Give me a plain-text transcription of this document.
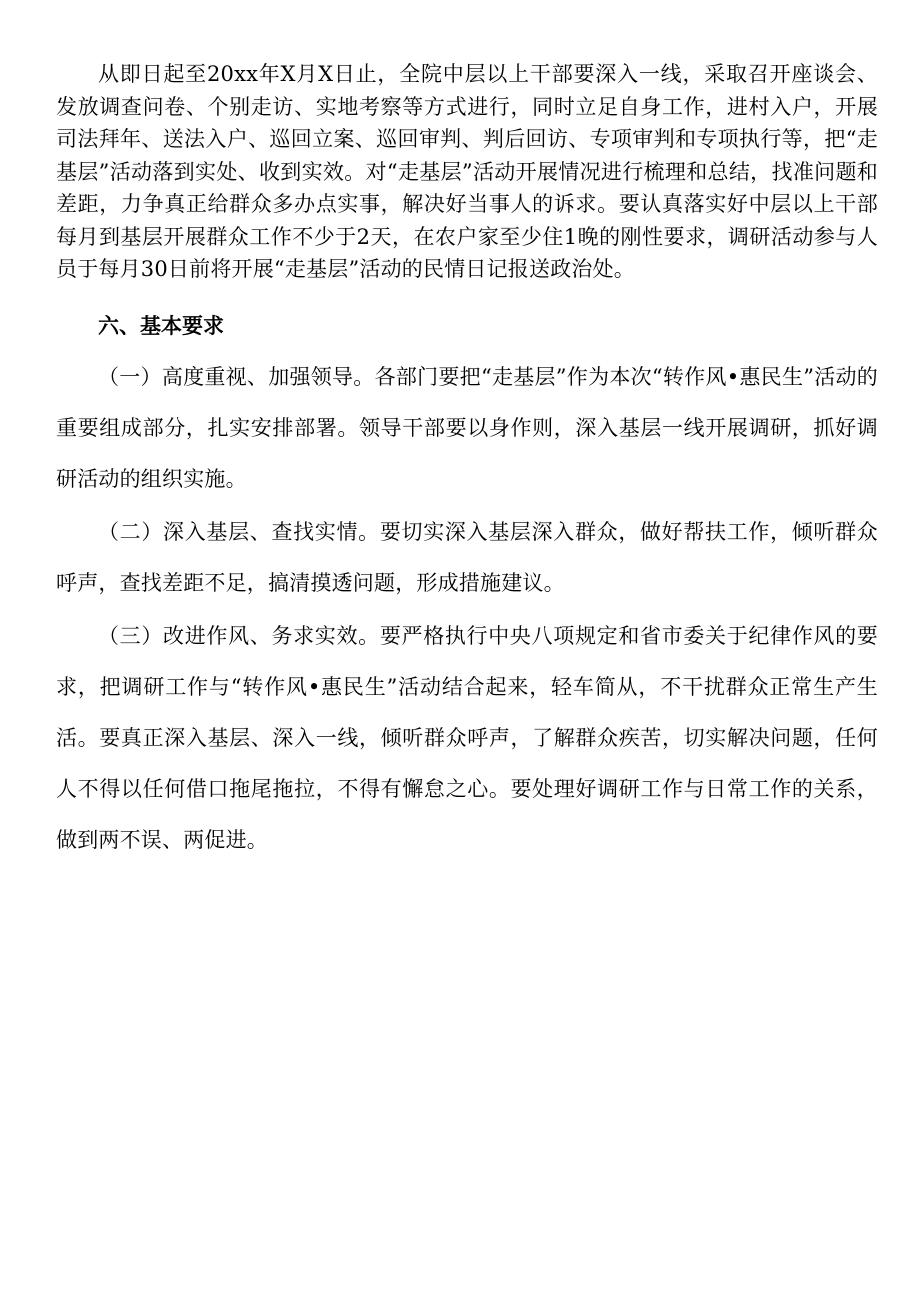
从即日起至20xx年X月X日止，全院中层以上干部要深入一线，采取召开座谈会、发放调查问卷、个别走访、实地考察等方式进行，同时立足自身工作，进村入户，开展司法拜年、送法入户、巡回立案、巡回审判、判后回访、专项审判和专项执行等，把“走基层”活动落到实处、收到实效。对“走基层”活动开展情况进行梳理和总结，找准问题和差距，力争真正给群众多办点实事，解决好当事人的诉求。要认真落实好中层以上干部每月到基层开展群众工作不少于2天，在农户家至少住1晚的刚性要求，调研活动参与人员于每月30日前将开展“走基层”活动的民情日记报送政治处。

六、基本要求

（一）高度重视、加强领导。各部门要把“走基层”作为本次“转作风•惠民生”活动的重要组成部分，扎实安排部署。领导干部要以身作则，深入基层一线开展调研，抓好调研活动的组织实施。

（二）深入基层、查找实情。要切实深入基层深入群众，做好帮扶工作，倾听群众呼声，查找差距不足，搞清摸透问题，形成措施建议。

（三）改进作风、务求实效。要严格执行中央八项规定和省市委关于纪律作风的要求，把调研工作与“转作风•惠民生”活动结合起来，轻车简从，不干扰群众正常生产生活。要真正深入基层、深入一线，倾听群众呼声，了解群众疾苦，切实解决问题，任何人不得以任何借口拖尾拖拉，不得有懈怠之心。要处理好调研工作与日常工作的关系，做到两不误、两促进。
